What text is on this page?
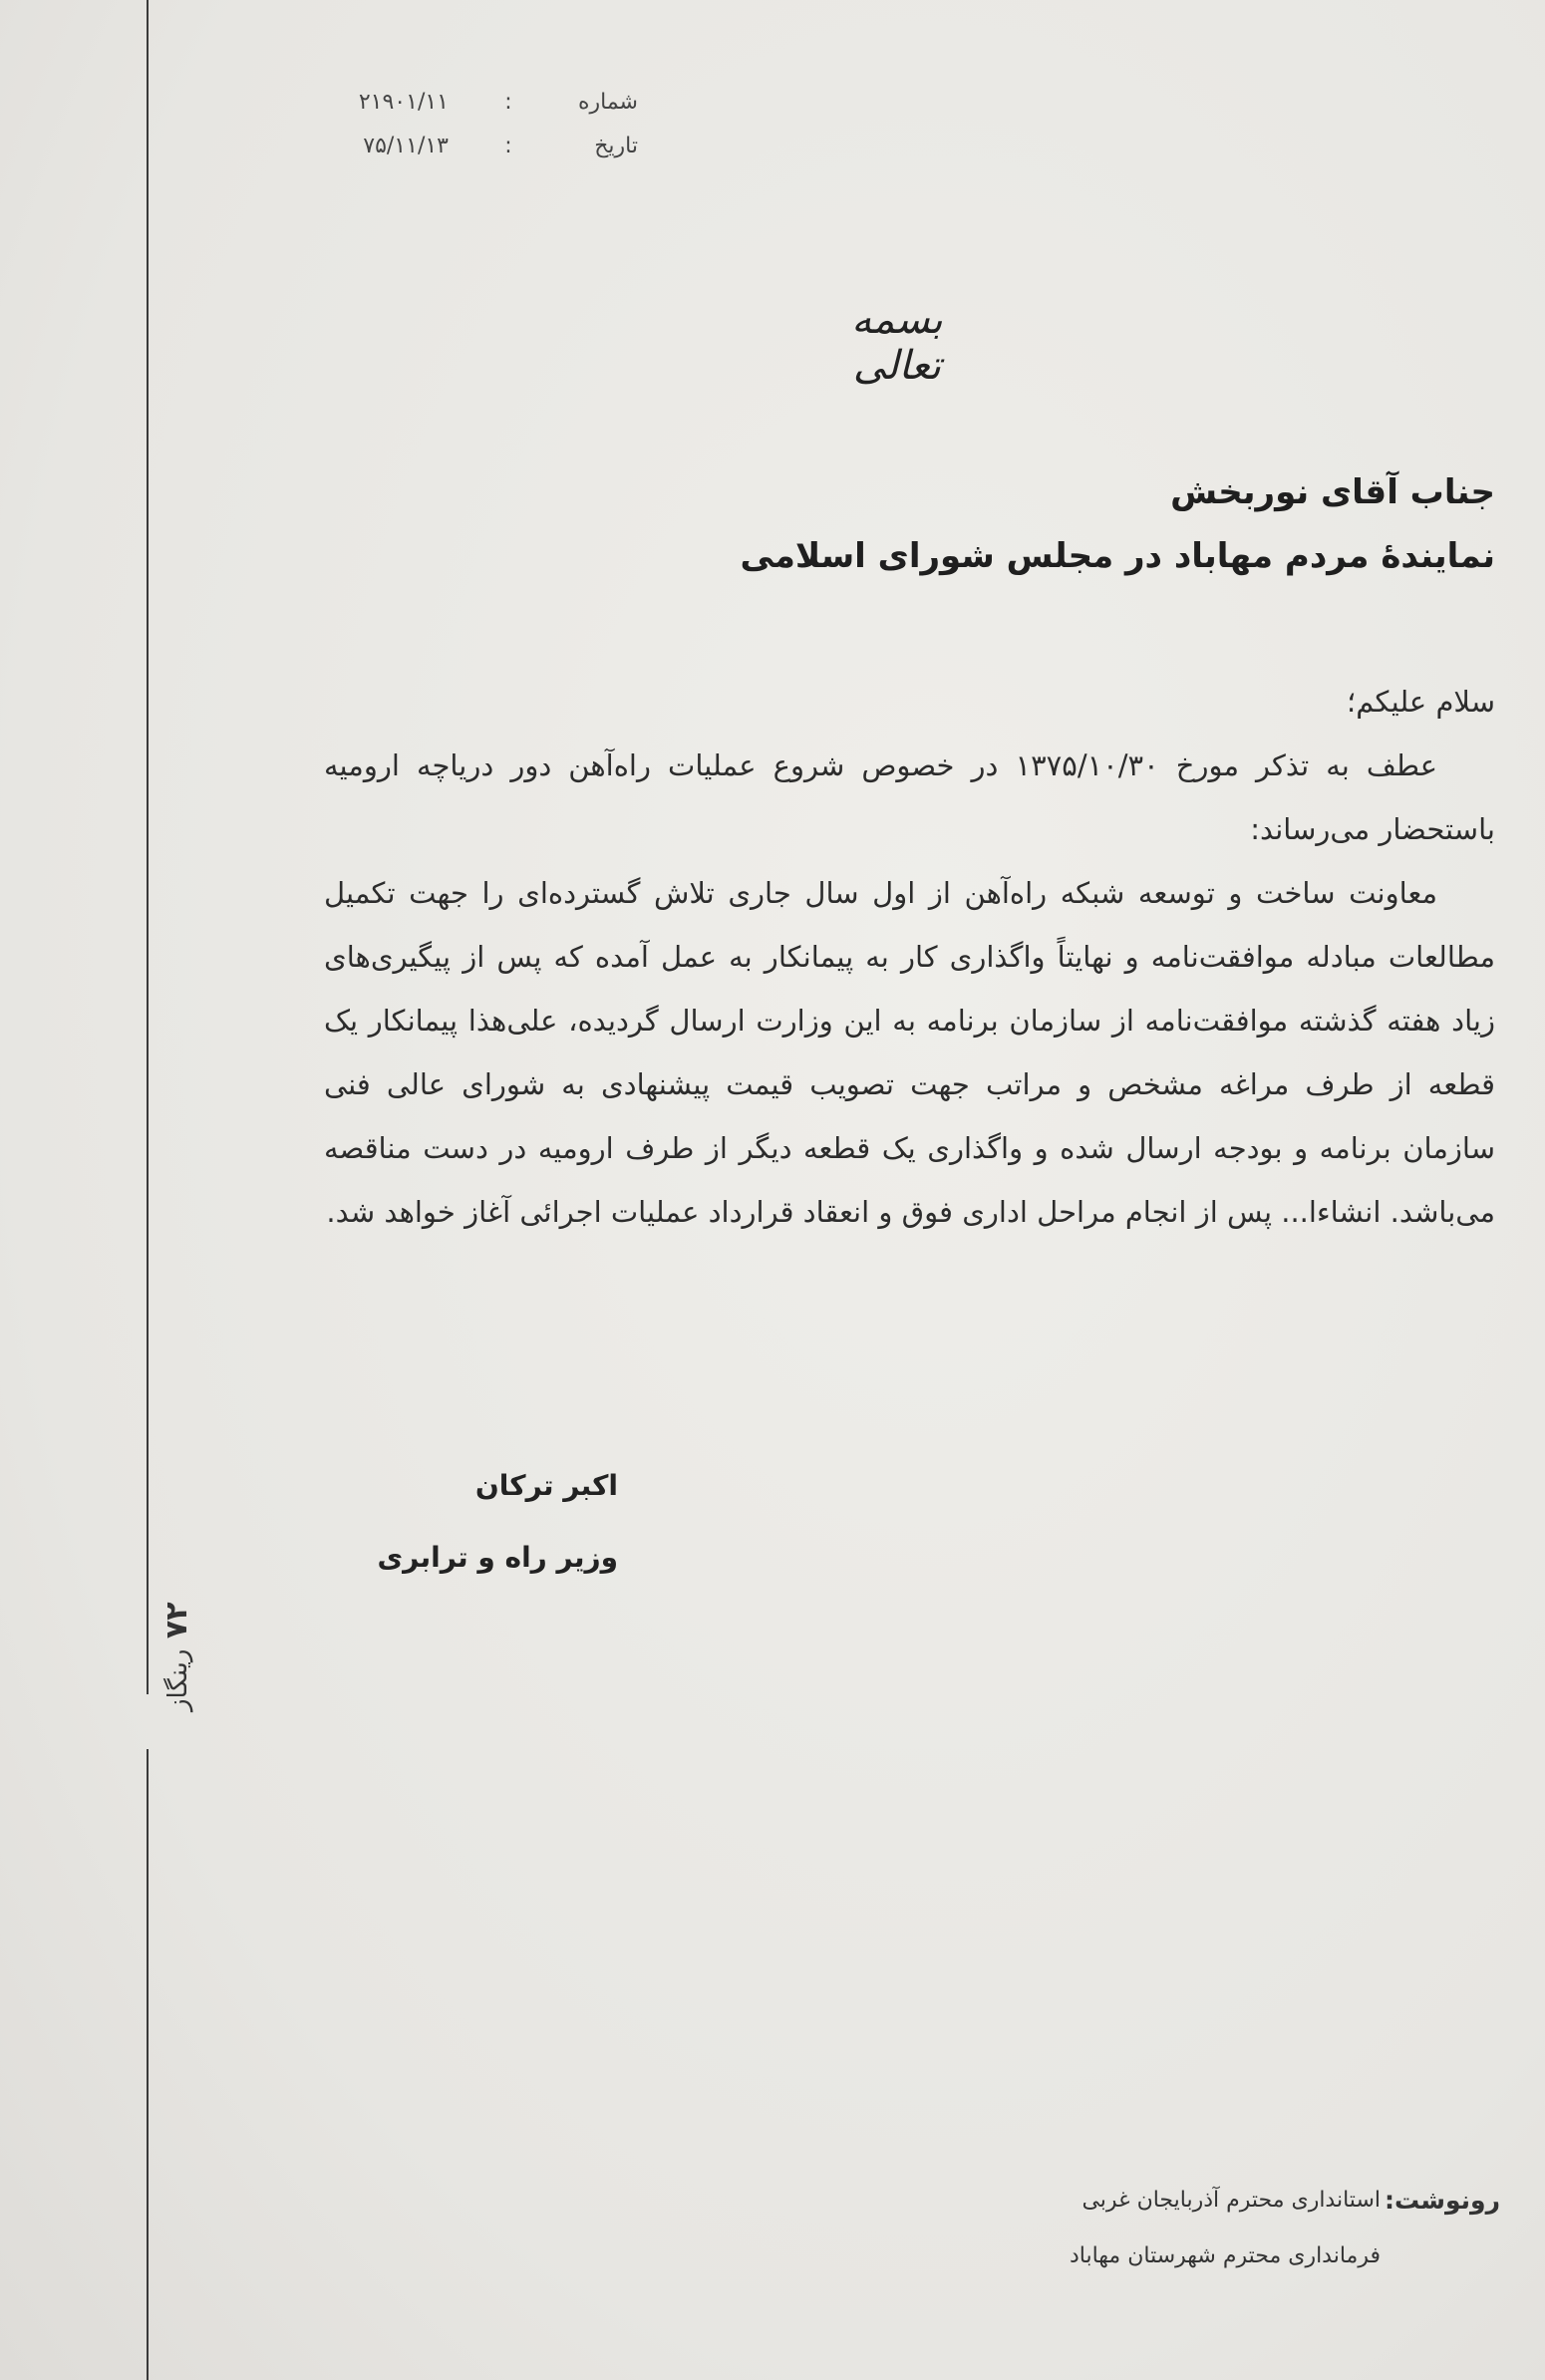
۷۲ رینگاز
شماره
:
۲۱۹۰۱/۱۱
تاریخ
:
۷۵/۱۱/۱۳
بسمه تعالی
جناب آقای نوربخش
نمایندۀ مردم مهاباد در مجلس شورای اسلامی

سلام علیکم؛

عطف به تذکر مورخ ۱۳۷۵/۱۰/۳۰ در خصوص شروع عملیات راه‌آهن دور دریاچه ارومیه باستحضار می‌رساند:

معاونت ساخت و توسعه شبکه راه‌آهن از اول سال جاری تلاش گسترده‌ای را جهت تکمیل مطالعات مبادله موافقت‌نامه و نهایتاً واگذاری کار به پیمانکار به عمل آمده که پس از پیگیری‌های زیاد هفته گذشته موافقت‌نامه از سازمان برنامه به این وزارت ارسال گردیده، علی‌هذا پیمانکار یک قطعه از طرف مراغه مشخص و مراتب جهت تصویب قیمت پیشنهادی به شورای عالی فنی سازمان برنامه و بودجه ارسال شده و واگذاری یک قطعه دیگر از طرف ارومیه در دست مناقصه می‌باشد. انشاءا... پس از انجام مراحل اداری فوق و انعقاد قرارداد عملیات اجرائی آغاز خواهد شد.

اکبر ترکان
وزیر راه و ترابری
رونوشت:
استانداری محترم آذربایجان غربی
فرمانداری محترم شهرستان مهاباد
